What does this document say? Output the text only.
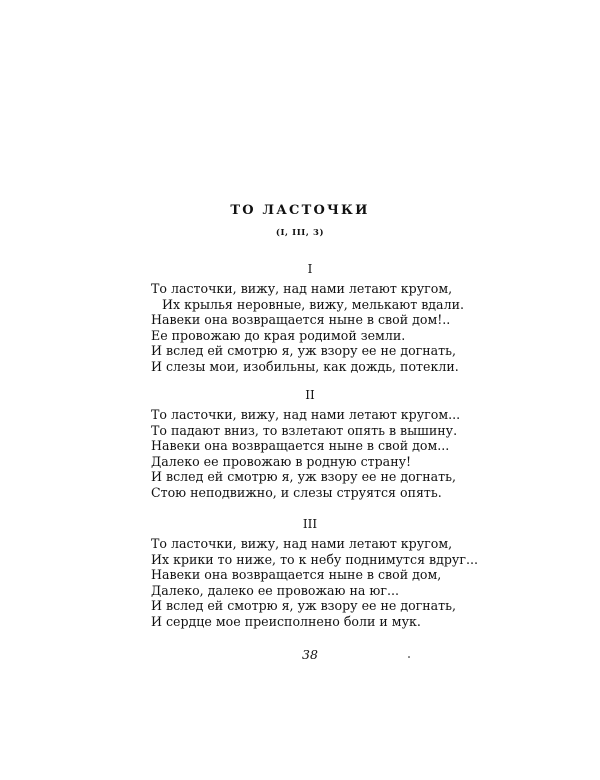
ТО ЛАСТОЧКИ
(I, III, 3)
I
То ласточки, вижу, над нами летают кругом,
Их крылья неровные, вижу, мелькают вдали.
Навеки она возвращается ныне в свой дом!..
Ее провожаю до края родимой земли.
И вслед ей смотрю я, уж взору ее не догнать,
И слезы мои, изобильны, как дождь, потекли.
II
То ласточки, вижу, над нами летают кругом...
То падают вниз, то взлетают опять в вышину.
Навеки она возвращается ныне в свой дом...
Далеко ее провожаю в родную страну!
И вслед ей смотрю я, уж взору ее не догнать,
Стою неподвижно, и слезы струятся опять.
III
То ласточки, вижу, над нами летают кругом,
Их крики то ниже, то к небу поднимутся вдруг...
Навеки она возвращается ныне в свой дом,
Далеко, далеко ее провожаю на юг...
И вслед ей смотрю я, уж взору ее не догнать,
И сердце мое преисполнено боли и мук.
38
